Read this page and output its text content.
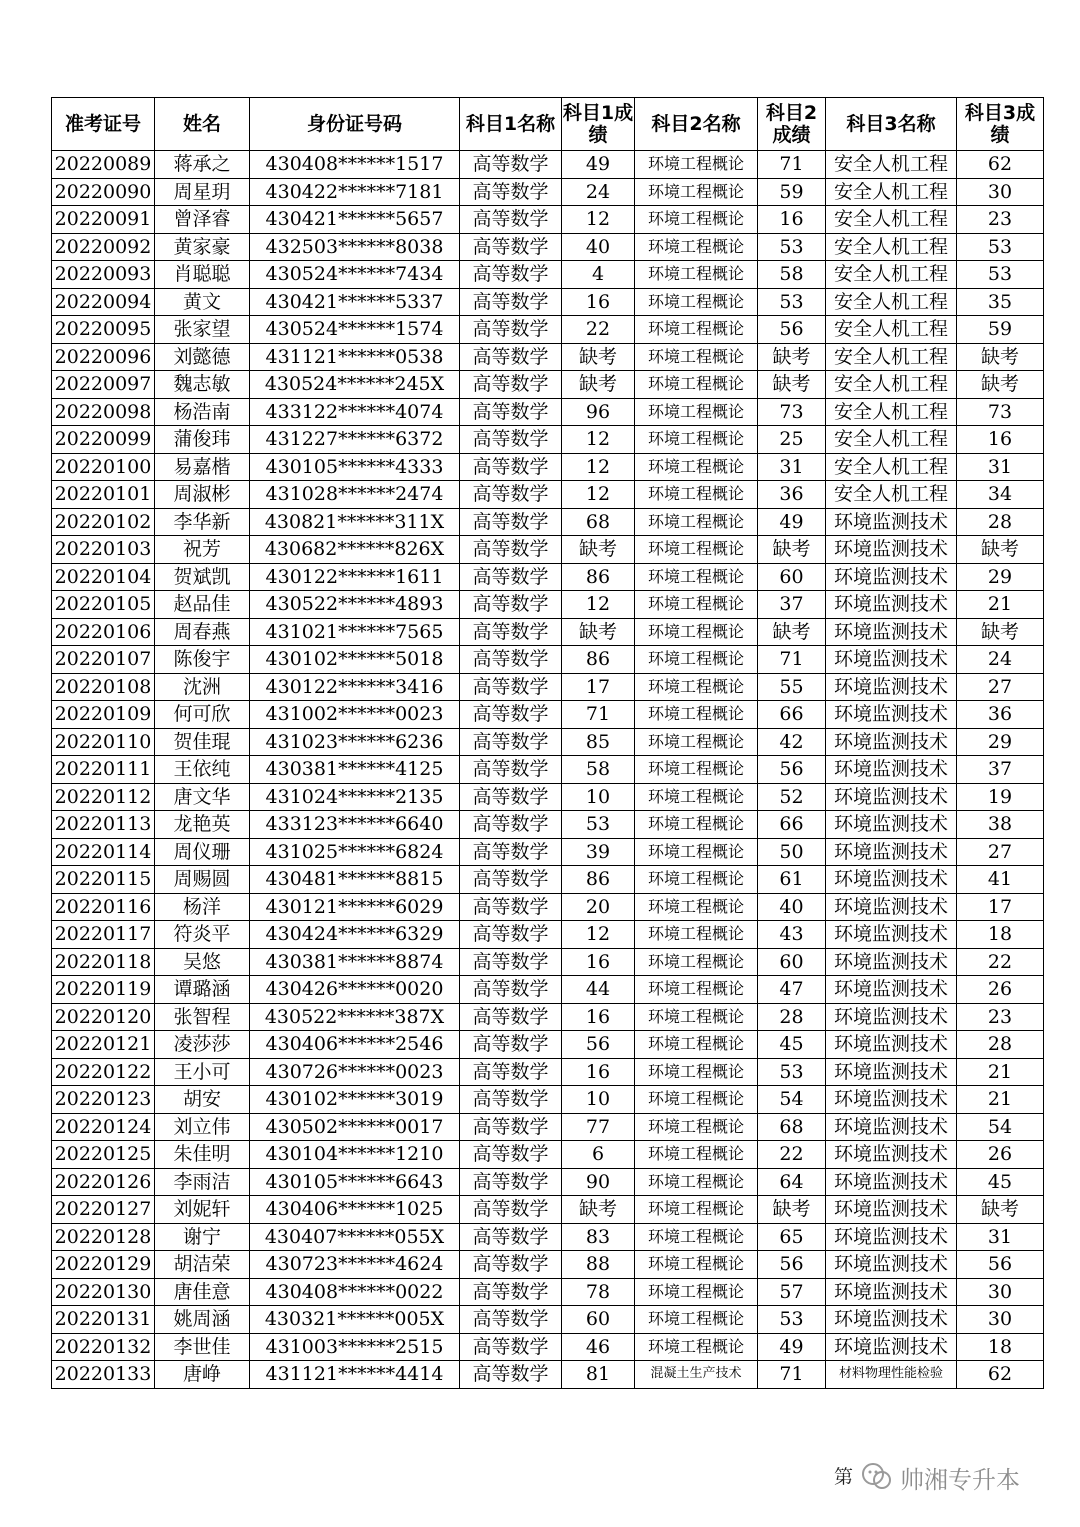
准考证号	姓名	身份证号码	科目1名称	科目1成绩	科目2名称	科目2成绩	科目3名称	科目3成绩
20220089	蒋承之	430408******1517	高等数学	49	环境工程概论	71	安全人机工程	62
20220090	周星玥	430422******7181	高等数学	24	环境工程概论	59	安全人机工程	30
20220091	曾泽睿	430421******5657	高等数学	12	环境工程概论	16	安全人机工程	23
20220092	黄家豪	432503******8038	高等数学	40	环境工程概论	53	安全人机工程	53
20220093	肖聪聪	430524******7434	高等数学	4	环境工程概论	58	安全人机工程	53
20220094	黄文	430421******5337	高等数学	16	环境工程概论	53	安全人机工程	35
20220095	张家望	430524******1574	高等数学	22	环境工程概论	56	安全人机工程	59
20220096	刘懿德	431121******0538	高等数学	缺考	环境工程概论	缺考	安全人机工程	缺考
20220097	魏志敏	430524******245X	高等数学	缺考	环境工程概论	缺考	安全人机工程	缺考
20220098	杨浩南	433122******4074	高等数学	96	环境工程概论	73	安全人机工程	73
20220099	蒲俊玮	431227******6372	高等数学	12	环境工程概论	25	安全人机工程	16
20220100	易嘉楷	430105******4333	高等数学	12	环境工程概论	31	安全人机工程	31
20220101	周淑彬	431028******2474	高等数学	12	环境工程概论	36	安全人机工程	34
20220102	李华新	430821******311X	高等数学	68	环境工程概论	49	环境监测技术	28
20220103	祝芳	430682******826X	高等数学	缺考	环境工程概论	缺考	环境监测技术	缺考
20220104	贺斌凯	430122******1611	高等数学	86	环境工程概论	60	环境监测技术	29
20220105	赵品佳	430522******4893	高等数学	12	环境工程概论	37	环境监测技术	21
20220106	周春燕	431021******7565	高等数学	缺考	环境工程概论	缺考	环境监测技术	缺考
20220107	陈俊宇	430102******5018	高等数学	86	环境工程概论	71	环境监测技术	24
20220108	沈洲	430122******3416	高等数学	17	环境工程概论	55	环境监测技术	27
20220109	何可欣	431002******0023	高等数学	71	环境工程概论	66	环境监测技术	36
20220110	贺佳琨	431023******6236	高等数学	85	环境工程概论	42	环境监测技术	29
20220111	王依纯	430381******4125	高等数学	58	环境工程概论	56	环境监测技术	37
20220112	唐文华	431024******2135	高等数学	10	环境工程概论	52	环境监测技术	19
20220113	龙艳英	433123******6640	高等数学	53	环境工程概论	66	环境监测技术	38
20220114	周仪珊	431025******6824	高等数学	39	环境工程概论	50	环境监测技术	27
20220115	周赐圆	430481******8815	高等数学	86	环境工程概论	61	环境监测技术	41
20220116	杨洋	430121******6029	高等数学	20	环境工程概论	40	环境监测技术	17
20220117	符炎平	430424******6329	高等数学	12	环境工程概论	43	环境监测技术	18
20220118	吴悠	430381******8874	高等数学	16	环境工程概论	60	环境监测技术	22
20220119	谭璐涵	430426******0020	高等数学	44	环境工程概论	47	环境监测技术	26
20220120	张智程	430522******387X	高等数学	16	环境工程概论	28	环境监测技术	23
20220121	凌莎莎	430406******2546	高等数学	56	环境工程概论	45	环境监测技术	28
20220122	王小可	430726******0023	高等数学	16	环境工程概论	53	环境监测技术	21
20220123	胡安	430102******3019	高等数学	10	环境工程概论	54	环境监测技术	21
20220124	刘立伟	430502******0017	高等数学	77	环境工程概论	68	环境监测技术	54
20220125	朱佳明	430104******1210	高等数学	6	环境工程概论	22	环境监测技术	26
20220126	李雨洁	430105******6643	高等数学	90	环境工程概论	64	环境监测技术	45
20220127	刘妮轩	430406******1025	高等数学	缺考	环境工程概论	缺考	环境监测技术	缺考
20220128	谢宁	430407******055X	高等数学	83	环境工程概论	65	环境监测技术	31
20220129	胡洁荣	430723******4624	高等数学	88	环境工程概论	56	环境监测技术	56
20220130	唐佳意	430408******0022	高等数学	78	环境工程概论	57	环境监测技术	30
20220131	姚周涵	430321******005X	高等数学	60	环境工程概论	53	环境监测技术	30
20220132	李世佳	431003******2515	高等数学	46	环境工程概论	49	环境监测技术	18
20220133	唐峥	431121******4414	高等数学	81	混凝土生产技术	71	材料物理性能检验	62
第 帅湘专升本
